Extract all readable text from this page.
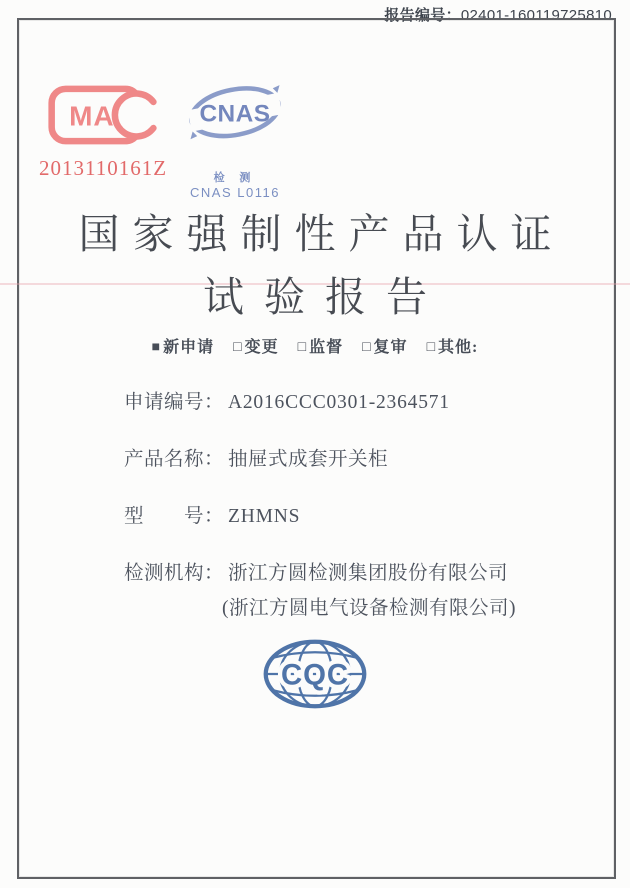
报告编号：02401-160119725810
MA
2013110161Z
CNAS
检 测
CNAS L0116
国家强制性产品认证
试验报告
■ 新申请 □ 变更 □ 监督 □ 复审 □ 其他:
申请编号： A2016CCC0301-2364571
产品名称： 抽屉式成套开关柜
型　　号： ZHMNS
检测机构： 浙江方圆检测集团股份有限公司
(浙江方圆电气设备检测有限公司)
CQC
